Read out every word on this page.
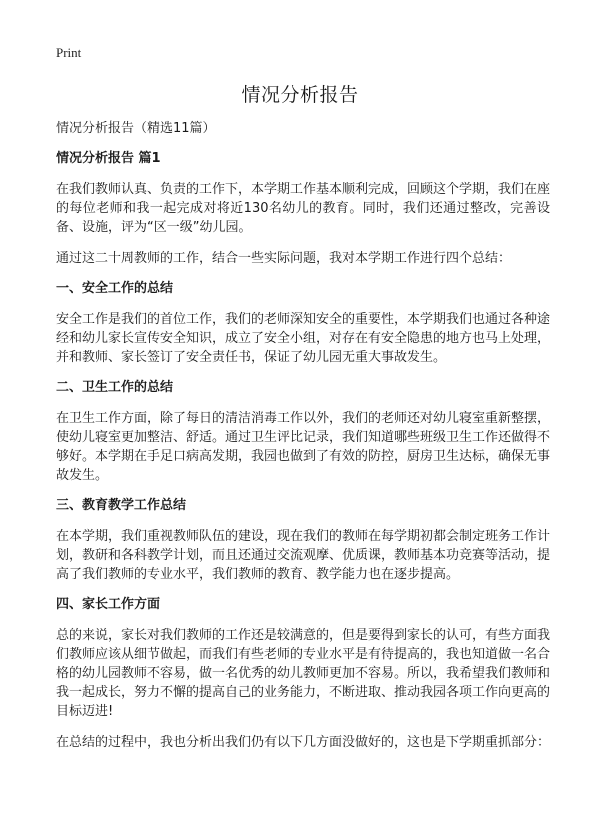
Print
情况分析报告

情况分析报告（精选11篇）

情况分析报告 篇1

在我们教师认真、负责的工作下，本学期工作基本顺利完成，回顾这个学期，我们在座的每位老师和我一起完成对将近130名幼儿的教育。同时，我们还通过整改，完善设备、设施，评为“区一级”幼儿园。

通过这二十周教师的工作，结合一些实际问题，我对本学期工作进行四个总结：

一、安全工作的总结

安全工作是我们的首位工作，我们的老师深知安全的重要性，本学期我们也通过各种途经和幼儿家长宣传安全知识，成立了安全小组，对存在有安全隐患的地方也马上处理，并和教师、家长签订了安全责任书，保证了幼儿园无重大事故发生。

二、卫生工作的总结

在卫生工作方面，除了每日的清洁消毒工作以外，我们的老师还对幼儿寝室重新整摆，使幼儿寝室更加整洁、舒适。通过卫生评比记录，我们知道哪些班级卫生工作还做得不够好。本学期在手足口病高发期，我园也做到了有效的防控，厨房卫生达标，确保无事故发生。

三、教育教学工作总结

在本学期，我们重视教师队伍的建设，现在我们的教师在每学期初都会制定班务工作计划，教研和各科教学计划，而且还通过交流观摩、优质课，教师基本功竞赛等活动，提高了我们教师的专业水平，我们教师的教育、教学能力也在逐步提高。

四、家长工作方面

总的来说，家长对我们教师的工作还是较满意的，但是要得到家长的认可，有些方面我们教师应该从细节做起，而我们有些老师的专业水平是有待提高的，我也知道做一名合格的幼儿园教师不容易，做一名优秀的幼儿教师更加不容易。所以，我希望我们教师和我一起成长，努力不懈的提高自己的业务能力，不断进取、推动我园各项工作向更高的目标迈进!

在总结的过程中，我也分析出我们仍有以下几方面没做好的，这也是下学期重抓部分：
